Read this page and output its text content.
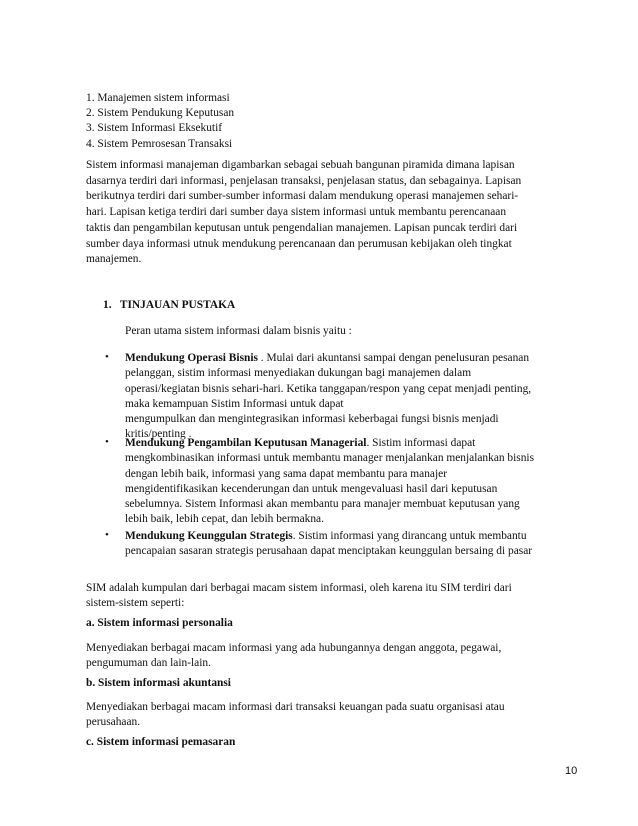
1. Manajemen sistem informasi
2. Sistem Pendukung Keputusan
3. Sistem Informasi Eksekutif
4. Sistem Pemrosesan Transaksi
Sistem informasi manajeman digambarkan sebagai sebuah bangunan piramida dimana lapisan
dasarnya terdiri dari informasi, penjelasan transaksi, penjelasan status, dan sebagainya. Lapisan
berikutnya terdiri dari sumber-sumber informasi dalam mendukung operasi manajemen sehari-
hari. Lapisan ketiga terdiri dari sumber daya sistem informasi untuk membantu perencanaan
taktis dan pengambilan keputusan untuk pengendalian manajemen. Lapisan puncak terdiri dari
sumber daya informasi utnuk mendukung perencanaan dan perumusan kebijakan oleh tingkat
manajemen.
1.   TINJAUAN PUSTAKA
Peran utama sistem informasi dalam bisnis yaitu :
• Mendukung Operasi Bisnis . Mulai dari akuntansi sampai dengan penelusuran pesanan
pelanggan, sistim informasi menyediakan dukungan bagi manajemen dalam
operasi/kegiatan bisnis sehari-hari. Ketika tanggapan/respon yang cepat menjadi penting,
maka kemampuan Sistim Informasi untuk dapat
mengumpulkan dan mengintegrasikan informasi keberbagai fungsi bisnis menjadi
kritis/penting .
• Mendukung Pengambilan Keputusan Managerial. Sistim informasi dapat
mengkombinasikan informasi untuk membantu manager menjalankan menjalankan bisnis
dengan lebih baik, informasi yang sama dapat membantu para manajer
mengidentifikasikan kecenderungan dan untuk mengevaluasi hasil dari keputusan
sebelumnya. Sistem Informasi akan membantu para manajer membuat keputusan yang
lebih baik, lebih cepat, dan lebih bermakna.
• Mendukung Keunggulan Strategis. Sistim informasi yang dirancang untuk membantu
pencapaian sasaran strategis perusahaan dapat menciptakan keunggulan bersaing di pasar
SIM adalah kumpulan dari berbagai macam sistem informasi, oleh karena itu SIM terdiri dari
sistem-sistem seperti:
a. Sistem informasi personalia
Menyediakan berbagai macam informasi yang ada hubungannya dengan anggota, pegawai,
pengumuman dan lain-lain.
b. Sistem informasi akuntansi
Menyediakan berbagai macam informasi dari transaksi keuangan pada suatu organisasi atau
perusahaan.
c. Sistem informasi pemasaran
10
